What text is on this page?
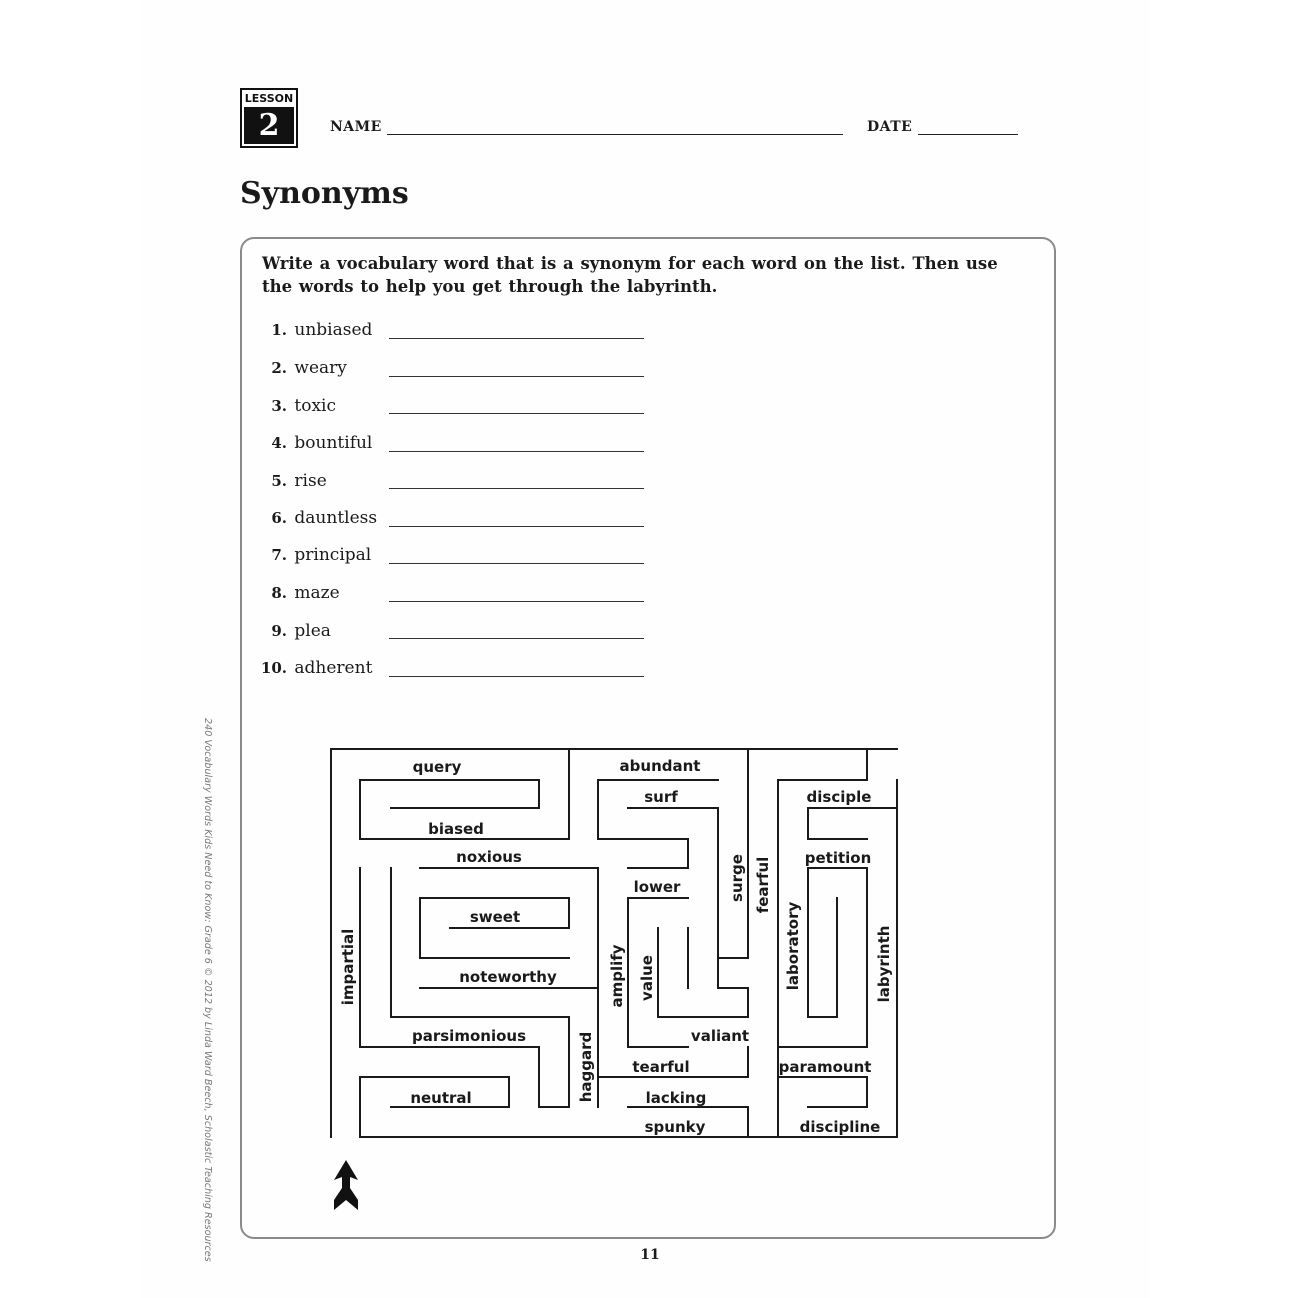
LESSON
2	NAME	DATE
Synonyms
Write a vocabulary word that is a synonym for each word on the list. Then use the words to help you get through the labyrinth.
1. unbiased
2. weary
3. toxic
4. bountiful
5. rise
6. dauntless
7. principal
8. maze
9. plea
10. adherent
query	abundant
surf	disciple
biased
noxious	petition
lower
sweet
noteworthy
parsimonious	valiant
tearful	paramount
neutral	lacking
spunky	discipline
impartial
surge fearful
amplify value	laboratory	labyrinth
haggard
240 Vocabulary Words Kids Need to Know: Grade 6 © 2012 by Linda Ward Beech, Scholastic Teaching Resources	11
